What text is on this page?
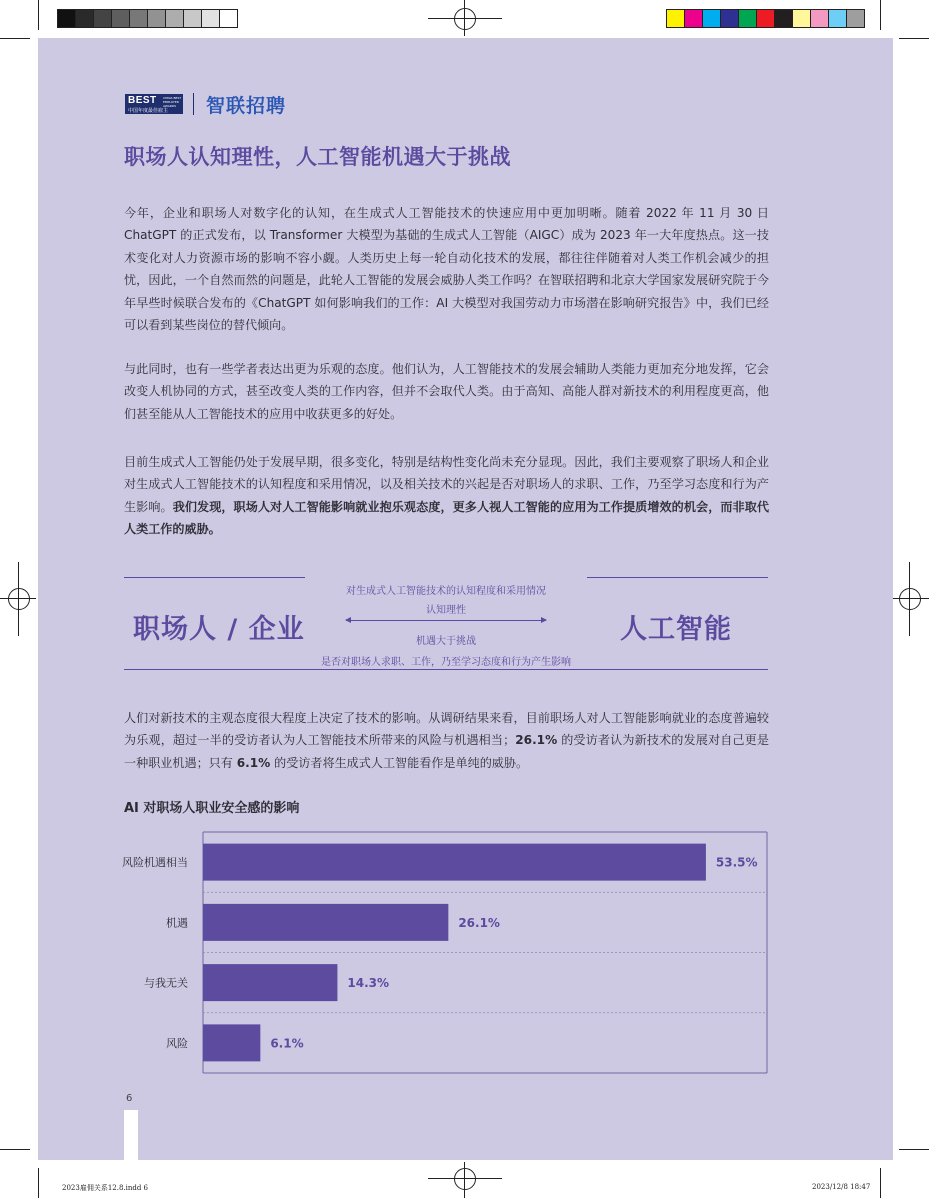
BEST CHINA BEST EMPLOYER AWARDS
中国年度最佳雇主 智联招聘
职场人认知理性，人工智能机遇大于挑战
今年，企业和职场人对数字化的认知，在生成式人工智能技术的快速应用中更加明晰。随着 2022 年 11 月 30 日 ChatGPT 的正式发布，以 Transformer 大模型为基础的生成式人工智能（AIGC）成为 2023 年一大年度热点。这一技术变化对人力资源市场的影响不容小觑。人类历史上每一轮自动化技术的发展，都往往伴随着对人类工作机会减少的担忧，因此，一个自然而然的问题是，此轮人工智能的发展会威胁人类工作吗？在智联招聘和北京大学国家发展研究院于今年早些时候联合发布的《ChatGPT 如何影响我们的工作：AI 大模型对我国劳动力市场潜在影响研究报告》中，我们已经可以看到某些岗位的替代倾向。
与此同时，也有一些学者表达出更为乐观的态度。他们认为，人工智能技术的发展会辅助人类能力更加充分地发挥，它会改变人机协同的方式，甚至改变人类的工作内容，但并不会取代人类。由于高知、高能人群对新技术的利用程度更高，他们甚至能从人工智能技术的应用中收获更多的好处。
目前生成式人工智能仍处于发展早期，很多变化，特别是结构性变化尚未充分显现。因此，我们主要观察了职场人和企业对生成式人工智能技术的认知程度和采用情况，以及相关技术的兴起是否对职场人的求职、工作，乃至学习态度和行为产生影响。我们发现，职场人对人工智能影响就业抱乐观态度，更多人视人工智能的应用为工作提质增效的机会，而非取代人类工作的威胁。
职场人 / 企业	人工智能
对生成式人工智能技术的认知程度和采用情况
认知理性
机遇大于挑战
是否对职场人求职、工作，乃至学习态度和行为产生影响
人们对新技术的主观态度很大程度上决定了技术的影响。从调研结果来看，目前职场人对人工智能影响就业的态度普遍较为乐观，超过一半的受访者认为人工智能技术所带来的风险与机遇相当；26.1% 的受访者认为新技术的发展对自己更是一种职业机遇；只有 6.1% 的受访者将生成式人工智能看作是单纯的威胁。
AI 对职场人职业安全感的影响
风险机遇相当	53.5%
机遇	26.1%
与我无关	14.3%
风险	6.1%
6
2023雇佣关系12.8.indd 6	2023/12/8 18:47
